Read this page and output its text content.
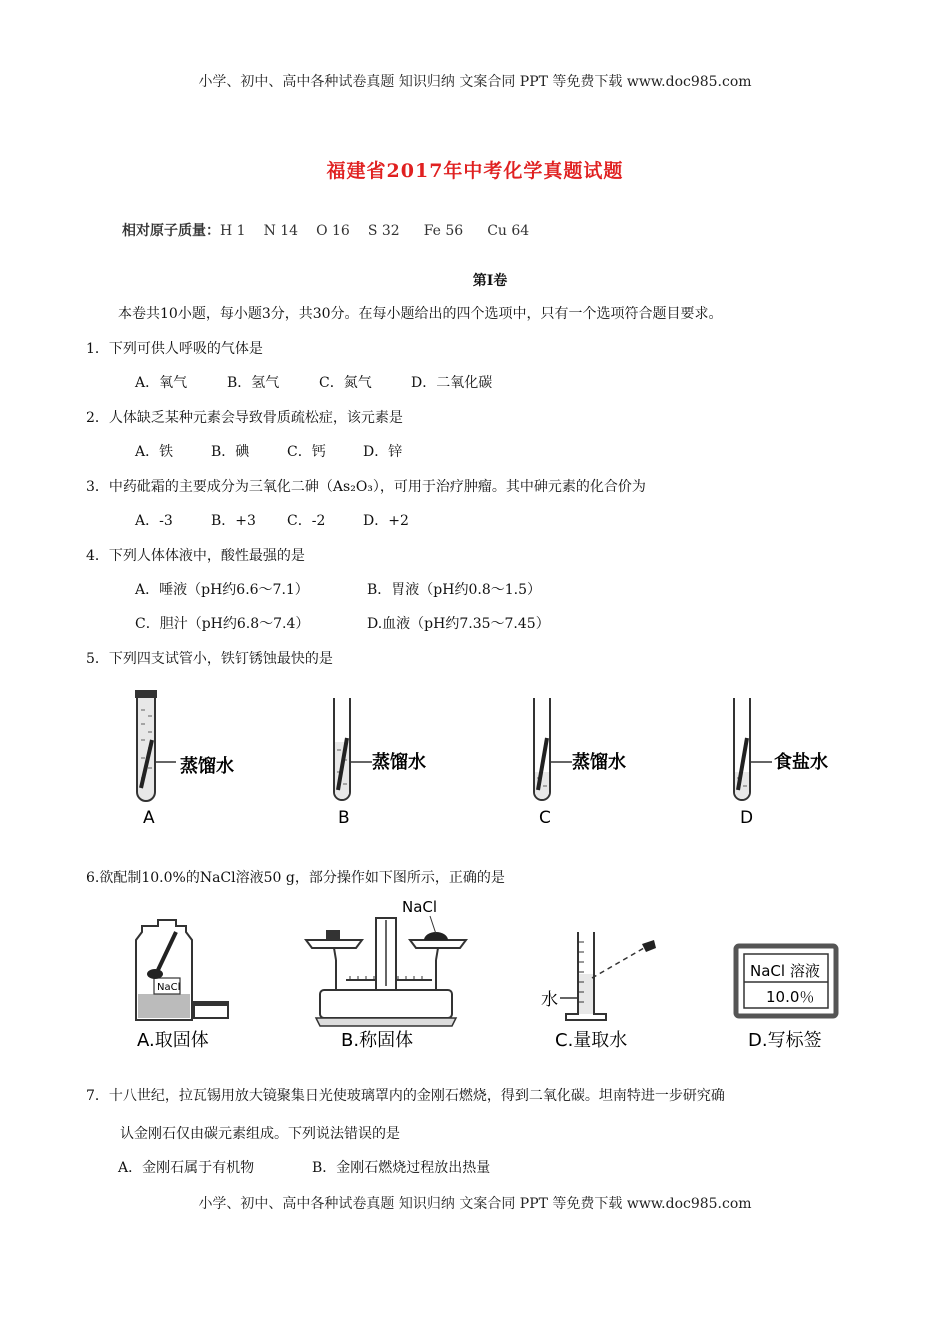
小学、初中、高中各种试卷真题 知识归纳 文案合同 PPT 等免费下载 www.doc985.com
福建省2017年中考化学真题试题
相对原子质量：H 1 N 14 O 16 S 32 Fe 56 Cu 64
第I卷
本卷共10小题，每小题3分，共30分。在每小题给出的四个选项中，只有一个选项符合题目要求。
1．下列可供人呼吸的气体是
A．氧气	B．氢气	C．氮气	D．二氧化碳
2．人体缺乏某种元素会导致骨质疏松症，该元素是
A．铁	B．碘	C．钙	D．锌
3．中药砒霜的主要成分为三氧化二砷（As₂O₃），可用于治疗肿瘤。其中砷元素的化合价为
A．-3	B．+3 C．-2	D．+2
4．下列人体体液中，酸性最强的是
A．唾液（pH约6.6～7.1）	B．胃液（pH约0.8～1.5）
C．胆汁（pH约6.8～7.4）	D.血液（pH约7.35～7.45）
5．下列四支试管小，铁钉锈蚀最快的是
蒸馏水
A
蒸馏水
B
蒸馏水
C
食盐水
D
6.欲配制10.0%的NaCl溶液50 g，部分操作如下图所示，正确的是
NaCl
A.取固体
NaCl
B.称固体
水
C.量取水
NaCl 溶液
10.0％
D.写标签
7．十八世纪，拉瓦锡用放大镜聚集日光使玻璃罩内的金刚石燃烧，得到二氧化碳。坦南特进一步研究确
认金刚石仅由碳元素组成。下列说法错误的是
A．金刚石属于有机物	B．金刚石燃烧过程放出热量
小学、初中、高中各种试卷真题 知识归纳 文案合同 PPT 等免费下载 www.doc985.com
